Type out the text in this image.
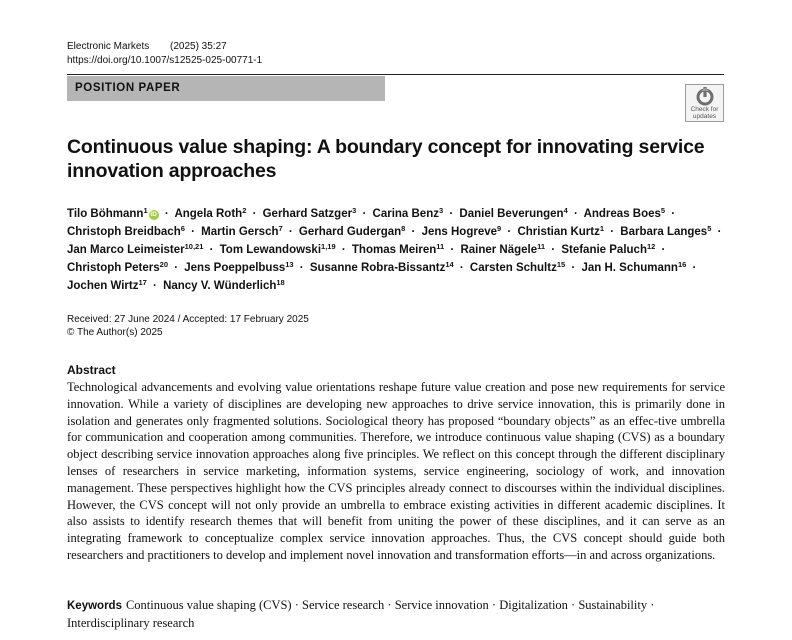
Electronic Markets (2025) 35:27
https://doi.org/10.1007/s12525-025-00771-1
POSITION PAPER
Check for
updates
Continuous value shaping: A boundary concept for innovating service innovation approaches
Tilo Böhmann$^1$ iD · Angela Roth$^2$ · Gerhard Satzger$^3$ · Carina Benz$^3$ · Daniel Beverungen$^4$ · Andreas Boes$^5$ · Christoph Breidbach$^6$ · Martin Gersch$^7$ · Gerhard Gudergan$^8$ · Jens Hogreve$^9$ · Christian Kurtz$^1$ · Barbara Langes$^5$ · Jan Marco Leimeister$^{10,21}$ · Tom Lewandowski$^{1,19}$ · Thomas Meiren$^{11}$ · Rainer Nägele$^{11}$ · Stefanie Paluch$^{12}$ · Christoph Peters$^{20}$ · Jens Poeppelbuss$^{13}$ · Susanne Robra-Bissantz$^{14}$ · Carsten Schultz$^{15}$ · Jan H. Schumann$^{16}$ · Jochen Wirtz$^{17}$ · Nancy V. Wünderlich$^{18}$
Received: 27 June 2024 / Accepted: 17 February 2025
© The Author(s) 2025
Abstract

Technological advancements and evolving value orientations reshape future value creation and pose new requirements for service innovation. While a variety of disciplines are developing new approaches to drive service innovation, this is primarily done in isolation and generates only fragmented solutions. Sociological theory has proposed “boundary objects” as an effec-tive umbrella for communication and cooperation among communities. Therefore, we introduce continuous value shaping (CVS) as a boundary object describing service innovation approaches along five principles. We reflect on this concept through the different disciplinary lenses of researchers in service marketing, information systems, service engineering, sociology of work, and innovation management. These perspectives highlight how the CVS principles already connect to discourses within the individual disciplines. However, the CVS concept will not only provide an umbrella to embrace existing activities in different academic disciplines. It also assists to identify research themes that will benefit from uniting the power of these disciplines, and it can serve as an integrating framework to conceptualize complex service innovation approaches. Thus, the CVS concept should guide both researchers and practitioners to develop and implement novel innovation and transformation efforts—in and across organizations.

Keywords Continuous value shaping (CVS) · Service research · Service innovation · Digitalization · Sustainability · Interdisciplinary research
